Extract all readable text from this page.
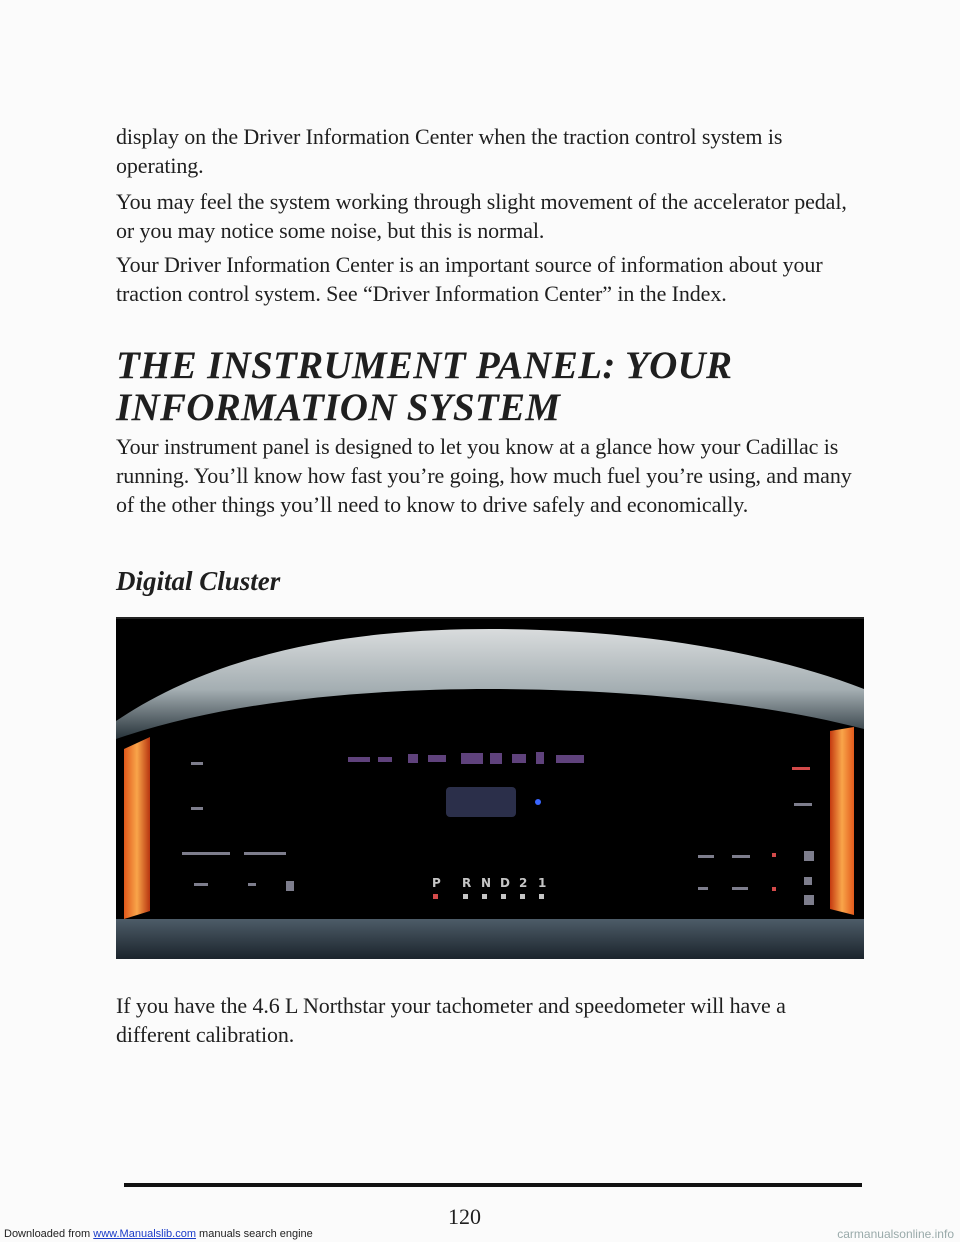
display on the Driver Information Center when the traction control system is operating.

You may feel the system working through slight movement of the accelerator pedal, or you may notice some noise, but this is normal.

Your Driver Information Center is an important source of information about your traction control system. See “Driver Information Center” in the Index.

THE INSTRUMENT PANEL: YOUR
INFORMATION SYSTEM

Your instrument panel is designed to let you know at a glance how your Cadillac is running. You’ll know how fast you’re going, how much fuel you’re using, and many of the other things you’ll need to know to drive safely and economically.

Digital Cluster
P R N D 2 1

If you have the 4.6 L Northstar your tachometer and speedometer will have a different calibration.

120
Downloaded from www.Manualslib.com manuals search engine	carmanualsonline.info
